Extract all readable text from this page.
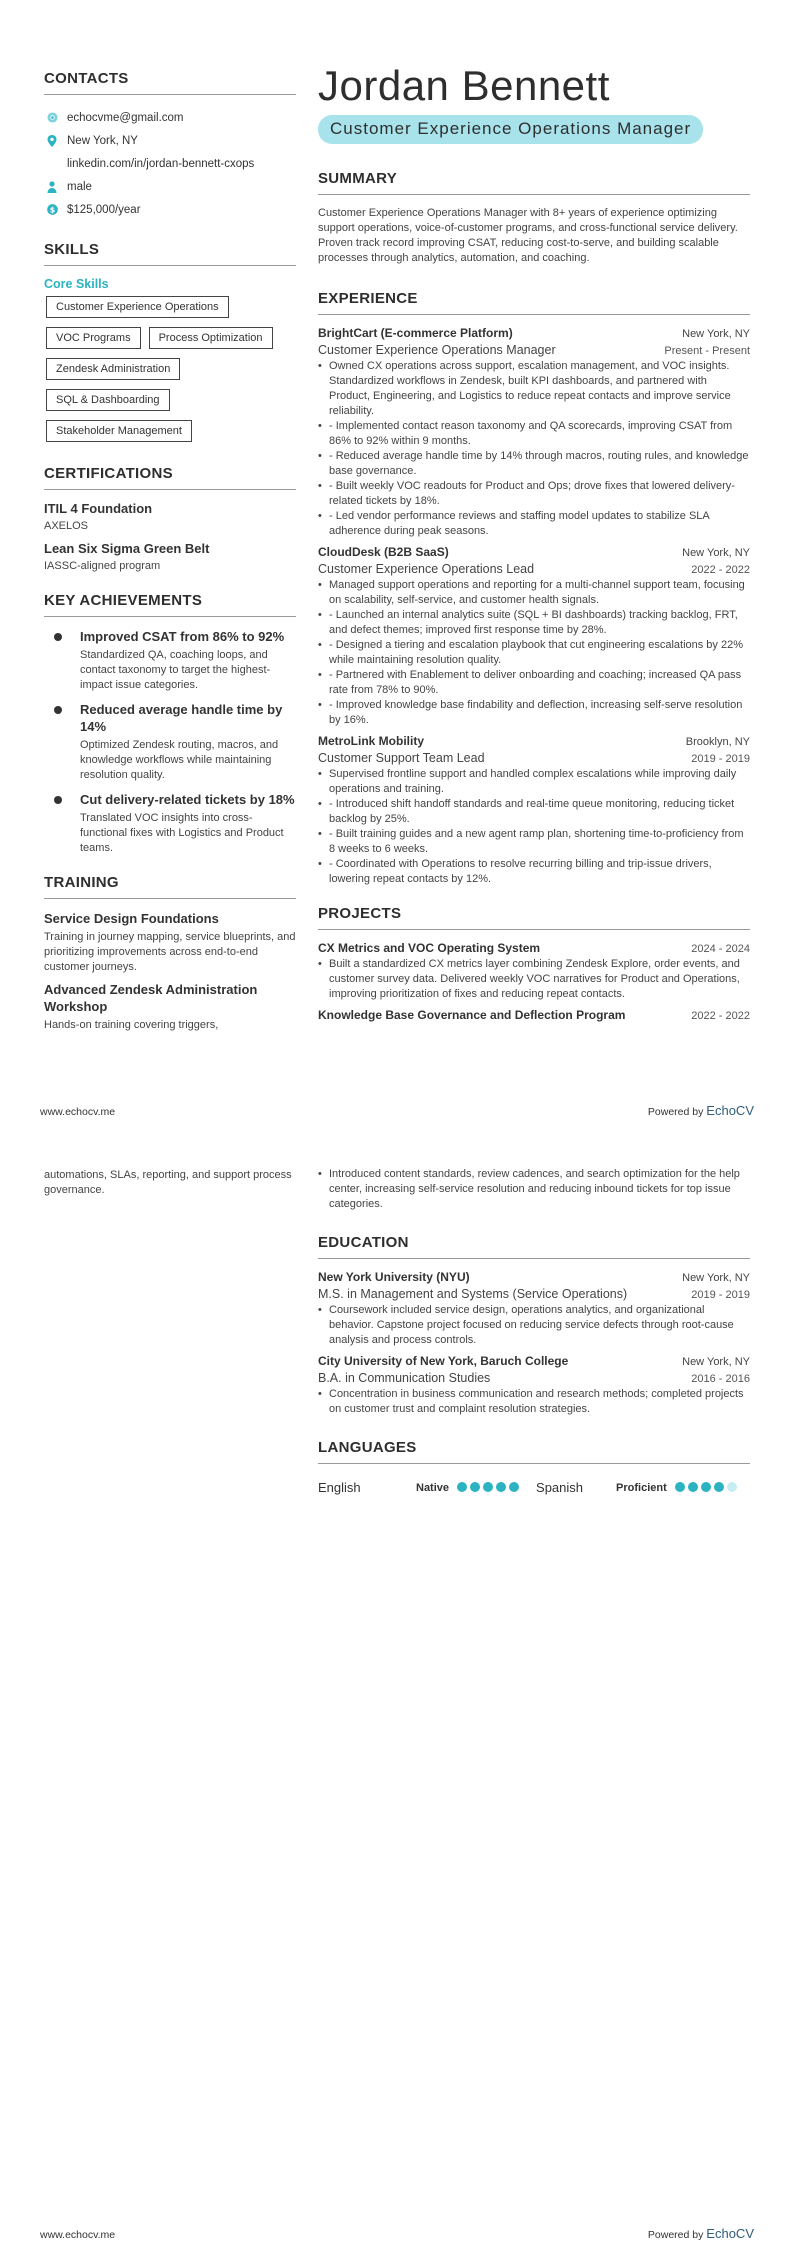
CONTACTS
echocvme@gmail.com
New York, NY
linkedin.com/in/jordan-bennett-cxops
male
$ $125,000/year
SKILLS
Core Skills
Customer Experience Operations
VOC Programs	Process Optimization
Zendesk Administration
SQL & Dashboarding
Stakeholder Management
CERTIFICATIONS
ITIL 4 Foundation
AXELOS
Lean Six Sigma Green Belt
IASSC-aligned program
KEY ACHIEVEMENTS
Improved CSAT from 86% to 92%
Standardized QA, coaching loops, and contact taxonomy to target the highest-impact issue categories.
Reduced average handle time by 14%
Optimized Zendesk routing, macros, and knowledge workflows while maintaining resolution quality.
Cut delivery-related tickets by 18%
Translated VOC insights into cross-functional fixes with Logistics and Product teams.
TRAINING
Service Design Foundations
Training in journey mapping, service blueprints, and prioritizing improvements across end-to-end customer journeys.
Advanced Zendesk Administration Workshop
Hands-on training covering triggers,
Jordan Bennett
Customer Experience Operations Manager
SUMMARY
Customer Experience Operations Manager with 8+ years of experience optimizing support operations, voice-of-customer programs, and cross-functional service delivery. Proven track record improving CSAT, reducing cost-to-serve, and building scalable processes through analytics, automation, and coaching.
EXPERIENCE
BrightCart (E-commerce Platform)	New York, NY
Customer Experience Operations Manager	Present - Present
• Owned CX operations across support, escalation management, and VOC insights. Standardized workflows in Zendesk, built KPI dashboards, and partnered with Product, Engineering, and Logistics to reduce repeat contacts and improve service reliability.
• - Implemented contact reason taxonomy and QA scorecards, improving CSAT from 86% to 92% within 9 months.
• - Reduced average handle time by 14% through macros, routing rules, and knowledge base governance.
• - Built weekly VOC readouts for Product and Ops; drove fixes that lowered delivery-related tickets by 18%.
• - Led vendor performance reviews and staffing model updates to stabilize SLA adherence during peak seasons.
CloudDesk (B2B SaaS)	New York, NY
Customer Experience Operations Lead	2022 - 2022
• Managed support operations and reporting for a multi-channel support team, focusing on scalability, self-service, and customer health signals.
• - Launched an internal analytics suite (SQL + BI dashboards) tracking backlog, FRT, and defect themes; improved first response time by 28%.
• - Designed a tiering and escalation playbook that cut engineering escalations by 22% while maintaining resolution quality.
• - Partnered with Enablement to deliver onboarding and coaching; increased QA pass rate from 78% to 90%.
• - Improved knowledge base findability and deflection, increasing self-serve resolution by 16%.
MetroLink Mobility	Brooklyn, NY
Customer Support Team Lead	2019 - 2019
• Supervised frontline support and handled complex escalations while improving daily operations and training.
• - Introduced shift handoff standards and real-time queue monitoring, reducing ticket backlog by 25%.
• - Built training guides and a new agent ramp plan, shortening time-to-proficiency from 8 weeks to 6 weeks.
• - Coordinated with Operations to resolve recurring billing and trip-issue drivers, lowering repeat contacts by 12%.
PROJECTS
CX Metrics and VOC Operating System	2024 - 2024
• Built a standardized CX metrics layer combining Zendesk Explore, order events, and customer survey data. Delivered weekly VOC narratives for Product and Operations, improving prioritization of fixes and reducing repeat contacts.
Knowledge Base Governance and Deflection Program	2022 - 2022
www.echocv.me	Powered by EchoCV
automations, SLAs, reporting, and support process governance.
• Introduced content standards, review cadences, and search optimization for the help center, increasing self-service resolution and reducing inbound tickets for top issue categories.
EDUCATION
New York University (NYU)	New York, NY
M.S. in Management and Systems (Service Operations)	2019 - 2019
• Coursework included service design, operations analytics, and organizational behavior. Capstone project focused on reducing service defects through root-cause analysis and process controls.
City University of New York, Baruch College	New York, NY
B.A. in Communication Studies	2016 - 2016
• Concentration in business communication and research methods; completed projects on customer trust and complaint resolution strategies.
LANGUAGES
English	Native	Spanish	Proficient
www.echocv.me	Powered by EchoCV
